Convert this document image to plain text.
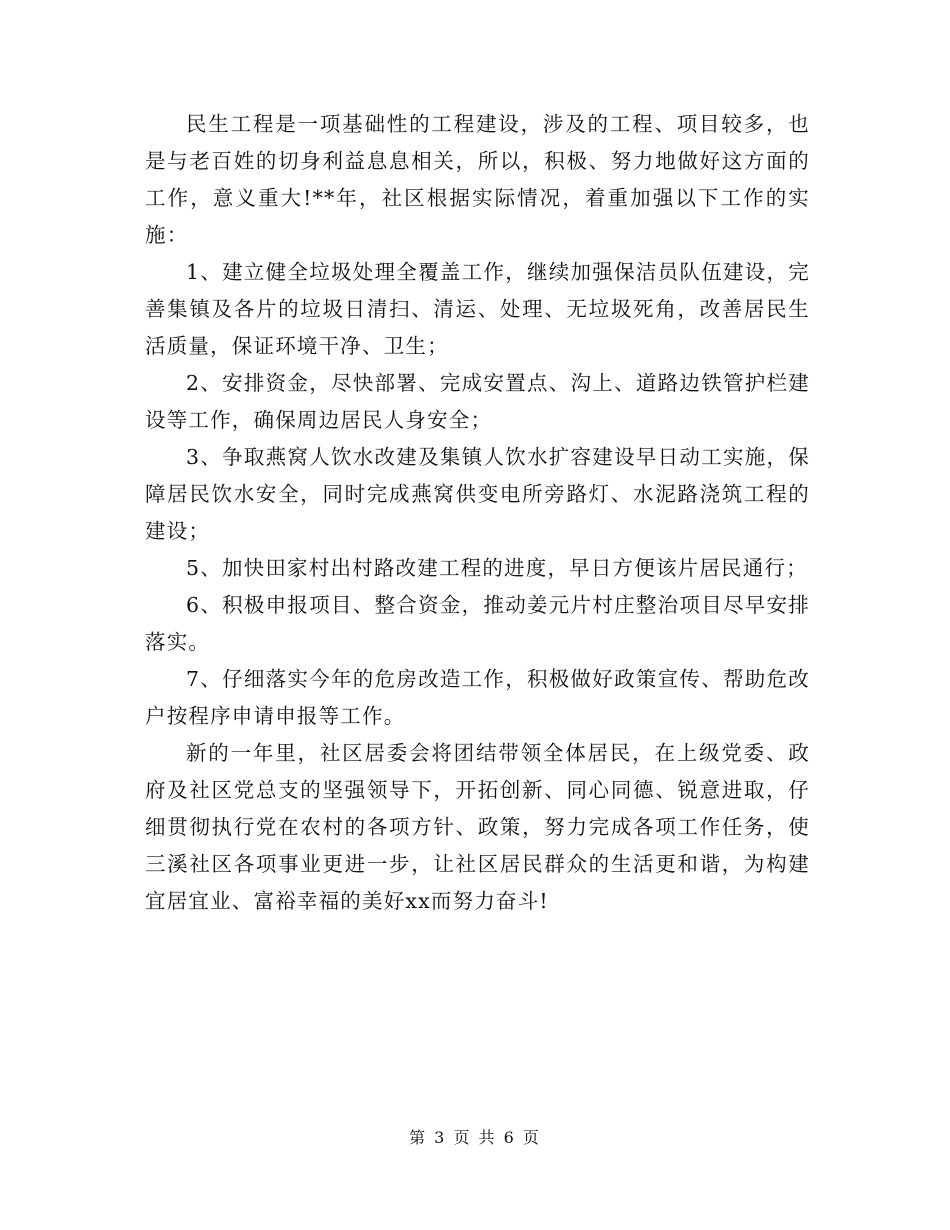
民生工程是一项基础性的工程建设，涉及的工程、项目较多，也是与老百姓的切身利益息息相关，所以，积极、努力地做好这方面的工作，意义重大!**年，社区根据实际情况，着重加强以下工作的实施：

1、建立健全垃圾处理全覆盖工作，继续加强保洁员队伍建设，完善集镇及各片的垃圾日清扫、清运、处理、无垃圾死角，改善居民生活质量，保证环境干净、卫生；

2、安排资金，尽快部署、完成安置点、沟上、道路边铁管护栏建设等工作，确保周边居民人身安全；

3、争取燕窝人饮水改建及集镇人饮水扩容建设早日动工实施，保障居民饮水安全，同时完成燕窝供变电所旁路灯、水泥路浇筑工程的建设；

5、加快田家村出村路改建工程的进度，早日方便该片居民通行；

6、积极申报项目、整合资金，推动姜元片村庄整治项目尽早安排落实。

7、仔细落实今年的危房改造工作，积极做好政策宣传、帮助危改户按程序申请申报等工作。

新的一年里，社区居委会将团结带领全体居民，在上级党委、政府及社区党总支的坚强领导下，开拓创新、同心同德、锐意进取，仔细贯彻执行党在农村的各项方针、政策，努力完成各项工作任务，使三溪社区各项事业更进一步，让社区居民群众的生活更和谐，为构建宜居宜业、富裕幸福的美好xx而努力奋斗!

第 3 页 共 6 页
